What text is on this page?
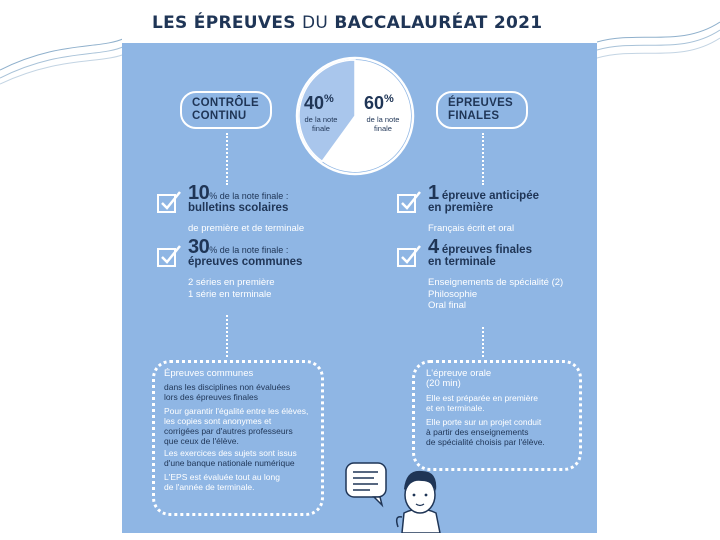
LES ÉPREUVES DU BACCALAURÉAT 2021
CONTRÔLE
CONTINU
ÉPREUVES
FINALES
40%
de la note finale
60%
de la note finale
10% de la note finale :
bulletins scolaires
de première et de terminale
30% de la note finale :
épreuves communes
2 séries en première
1 série en terminale
1 épreuve anticipée
en première
Français écrit et oral
4 épreuves finales
en terminale
Enseignements de spécialité (2)
Philosophie
Oral final
Épreuves communes
dans les disciplines non évaluées
lors des épreuves finales
Pour garantir l'égalité entre les élèves,
les copies sont anonymes et
corrigées par d'autres professeurs
que ceux de l'élève.
Les exercices des sujets sont issus
d'une banque nationale numérique
L'EPS est évaluée tout au long
de l'année de terminale.
L'épreuve orale
(20 min)
Elle est préparée en première
et en terminale.
Elle porte sur un projet conduit
à partir des enseignements
de spécialité choisis par l'élève.
